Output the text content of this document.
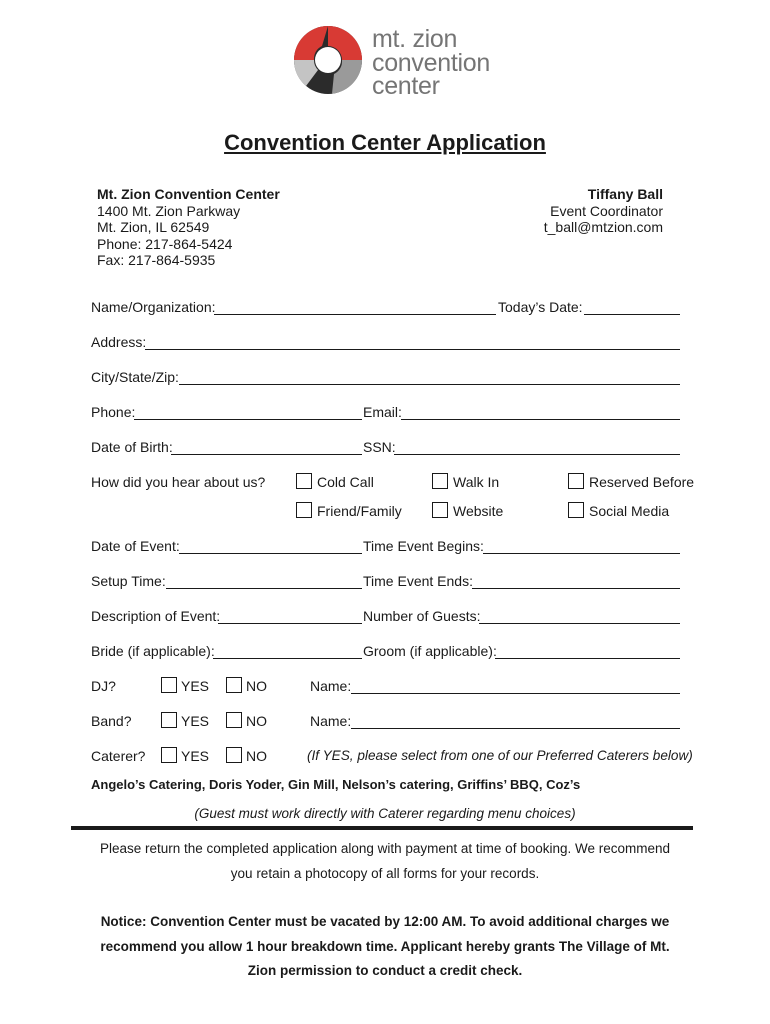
mt. zion
convention
center
Convention Center Application
Mt. Zion Convention Center
1400 Mt. Zion Parkway
Mt. Zion, IL 62549
Phone: 217-864-5424
Fax: 217-864-5935
Tiffany Ball
Event Coordinator
t_ball@mtzion.com
Name/Organization:	Today’s Date:
Address:
City/State/Zip:
Phone:	Email:
Date of Birth:	SSN:
How did you hear about us?	Cold Call	Walk In	Reserved Before
Friend/Family	Website	Social Media
Date of Event:	Time Event Begins:
Setup Time:	Time Event Ends:
Description of Event:	Number of Guests:
Bride (if applicable):	Groom (if applicable):
DJ?	YES	NO	Name:
Band?	YES	NO	Name:
Caterer?	YES	NO	(If YES, please select from one of our Preferred Caterers below)
Angelo’s Catering, Doris Yoder, Gin Mill, Nelson’s catering, Griffins’ BBQ, Coz’s
(Guest must work directly with Caterer regarding menu choices)
Please return the completed application along with payment at time of booking. We recommend
you retain a photocopy of all forms for your records.
Notice: Convention Center must be vacated by 12:00 AM. To avoid additional charges we
recommend you allow 1 hour breakdown time. Applicant hereby grants The Village of Mt.
Zion permission to conduct a credit check.
